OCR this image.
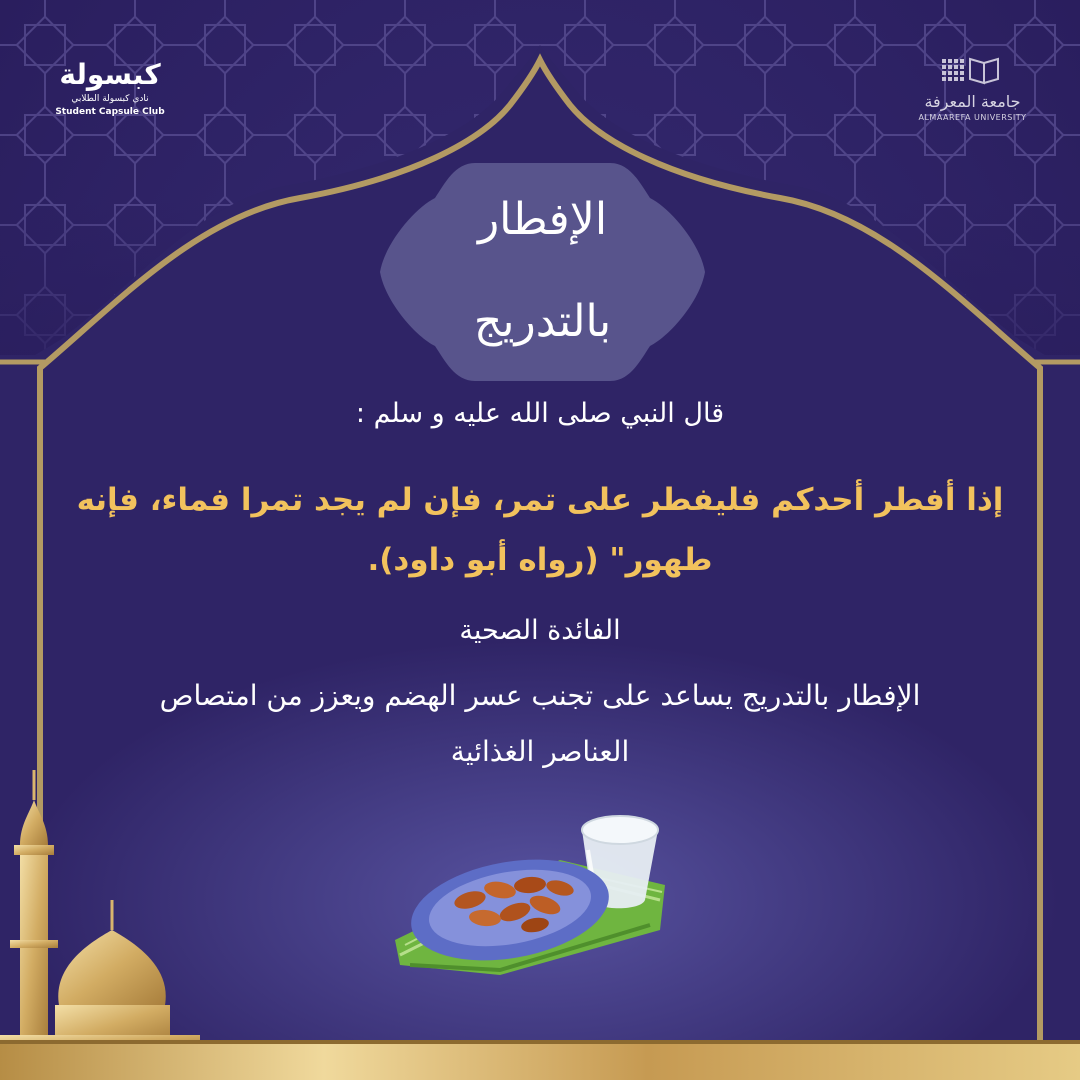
الإفطار
بالتدريج
قال النبي صلى الله عليه و سلم :
إذا أفطر أحدكم فليفطر على تمر، فإن لم يجد تمرا فماء، فإنه
طهور" (رواه أبو داود).
الفائدة الصحية
الإفطار بالتدريج يساعد على تجنب عسر الهضم ويعزز من امتصاص
العناصر الغذائية
كبسولة
نادي كبسولة الطلابي
Student Capsule Club
جامعة المعرفة
ALMAAREFA UNIVERSITY
